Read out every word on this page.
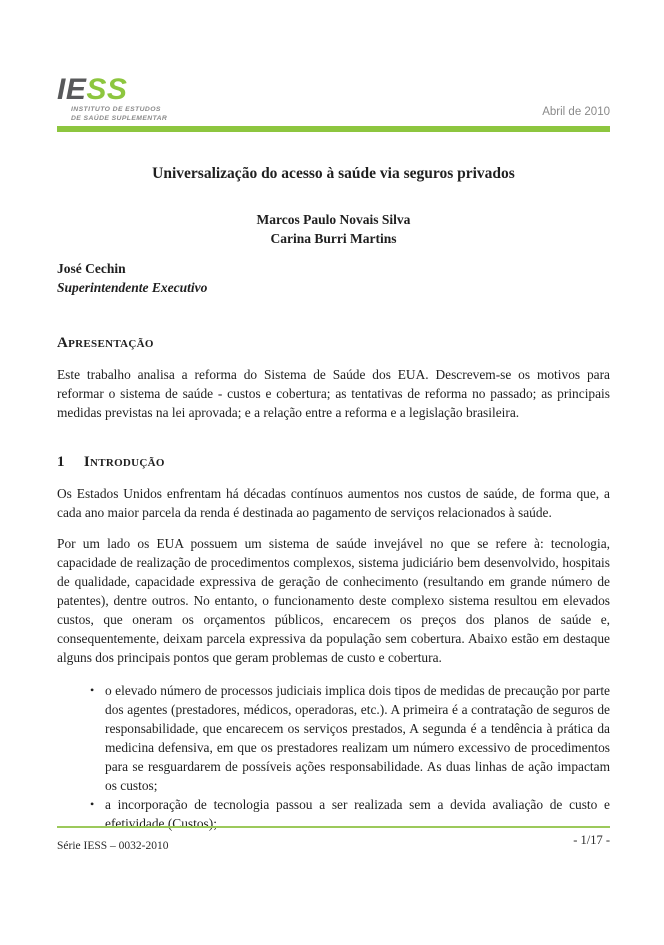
IESS
INSTITUTO DE ESTUDOS
DE SAÚDE SUPLEMENTAR	Abril de 2010
Universalização do acesso à saúde via seguros privados
Marcos Paulo Novais Silva
Carina Burri Martins
José Cechin
Superintendente Executivo
Apresentação

Este trabalho analisa a reforma do Sistema de Saúde dos EUA. Descrevem-se os motivos para reformar o sistema de saúde - custos e cobertura; as tentativas de reforma no passado; as principais medidas previstas na lei aprovada; e a relação entre a reforma e a legislação brasileira.

1 Introdução

Os Estados Unidos enfrentam há décadas contínuos aumentos nos custos de saúde, de forma que, a cada ano maior parcela da renda é destinada ao pagamento de serviços relacionados à saúde.

Por um lado os EUA possuem um sistema de saúde invejável no que se refere à: tecnologia, capacidade de realização de procedimentos complexos, sistema judiciário bem desenvolvido, hospitais de qualidade, capacidade expressiva de geração de conhecimento (resultando em grande número de patentes), dentre outros. No entanto, o funcionamento deste complexo sistema resultou em elevados custos, que oneram os orçamentos públicos, encarecem os preços dos planos de saúde e, consequentemente, deixam parcela expressiva da população sem cobertura. Abaixo estão em destaque alguns dos principais pontos que geram problemas de custo e cobertura.

• o elevado número de processos judiciais implica dois tipos de medidas de precaução por parte dos agentes (prestadores, médicos, operadoras, etc.). A primeira é a contratação de seguros de responsabilidade, que encarecem os serviços prestados, A segunda é a tendência à prática da medicina defensiva, em que os prestadores realizam um número excessivo de procedimentos para se resguardarem de possíveis ações responsabilidade. As duas linhas de ação impactam os custos;
• a incorporação de tecnologia passou a ser realizada sem a devida avaliação de custo e efetividade (Custos);
Série IESS – 0032-2010	- 1/17 -
